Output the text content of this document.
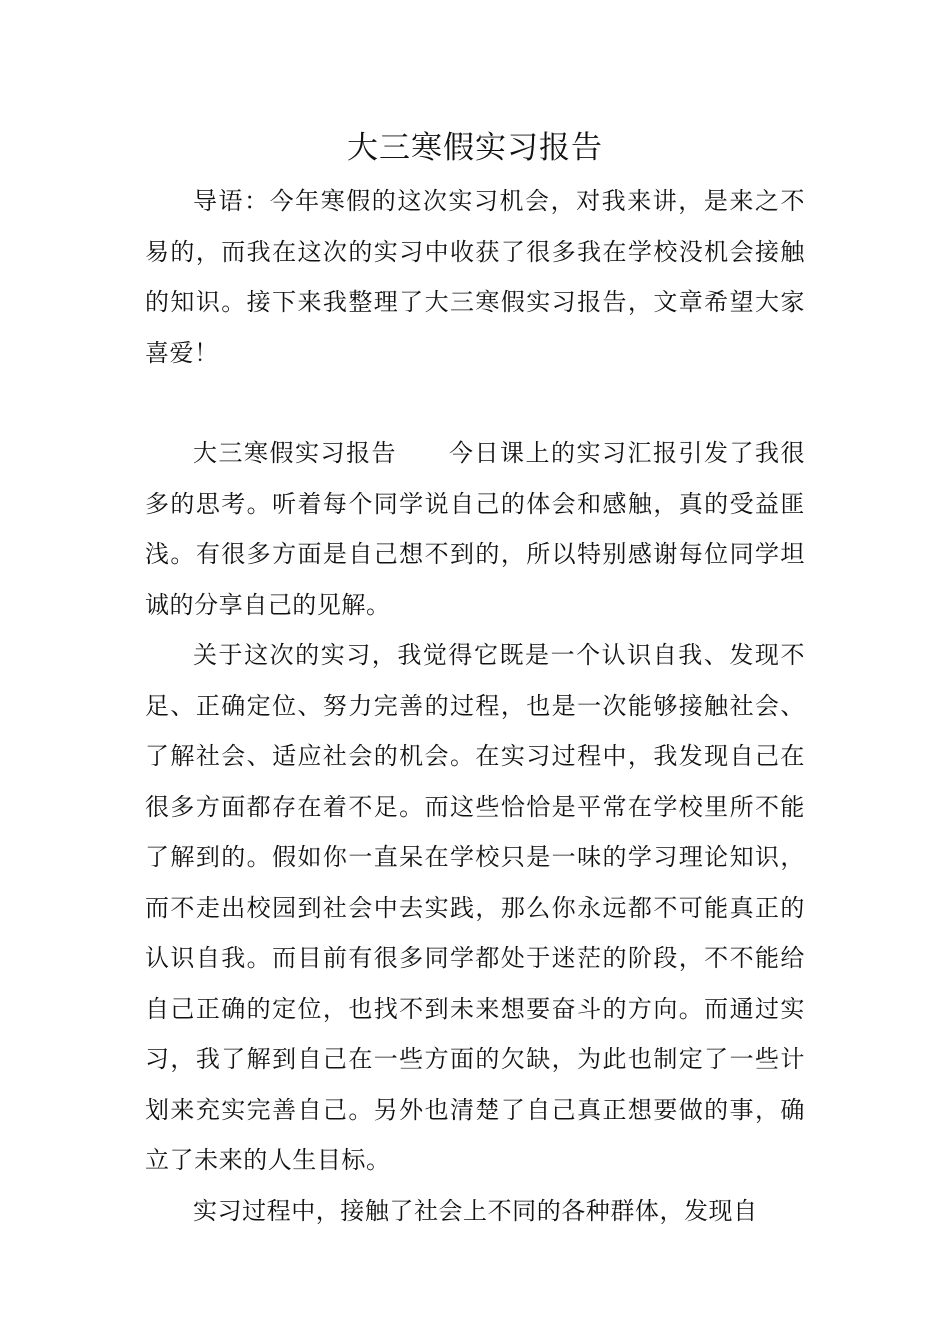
大三寒假实习报告

导语：今年寒假的这次实习机会，对我来讲，是来之不易的，而我在这次的实习中收获了很多我在学校没机会接触的知识。接下来我整理了大三寒假实习报告，文章希望大家喜爱！

大三寒假实习报告 今日课上的实习汇报引发了我很多的思考。听着每个同学说自己的体会和感触，真的受益匪浅。有很多方面是自己想不到的，所以特别感谢每位同学坦诚的分享自己的见解。

关于这次的实习，我觉得它既是一个认识自我、发现不足、正确定位、努力完善的过程，也是一次能够接触社会、了解社会、适应社会的机会。在实习过程中，我发现自己在很多方面都存在着不足。而这些恰恰是平常在学校里所不能了解到的。假如你一直呆在学校只是一味的学习理论知识，而不走出校园到社会中去实践，那么你永远都不可能真正的认识自我。而目前有很多同学都处于迷茫的阶段，不不能给自己正确的定位，也找不到未来想要奋斗的方向。而通过实习，我了解到自己在一些方面的欠缺，为此也制定了一些计划来充实完善自己。另外也清楚了自己真正想要做的事，确立了未来的人生目标。

实习过程中，接触了社会上不同的各种群体，发现自
